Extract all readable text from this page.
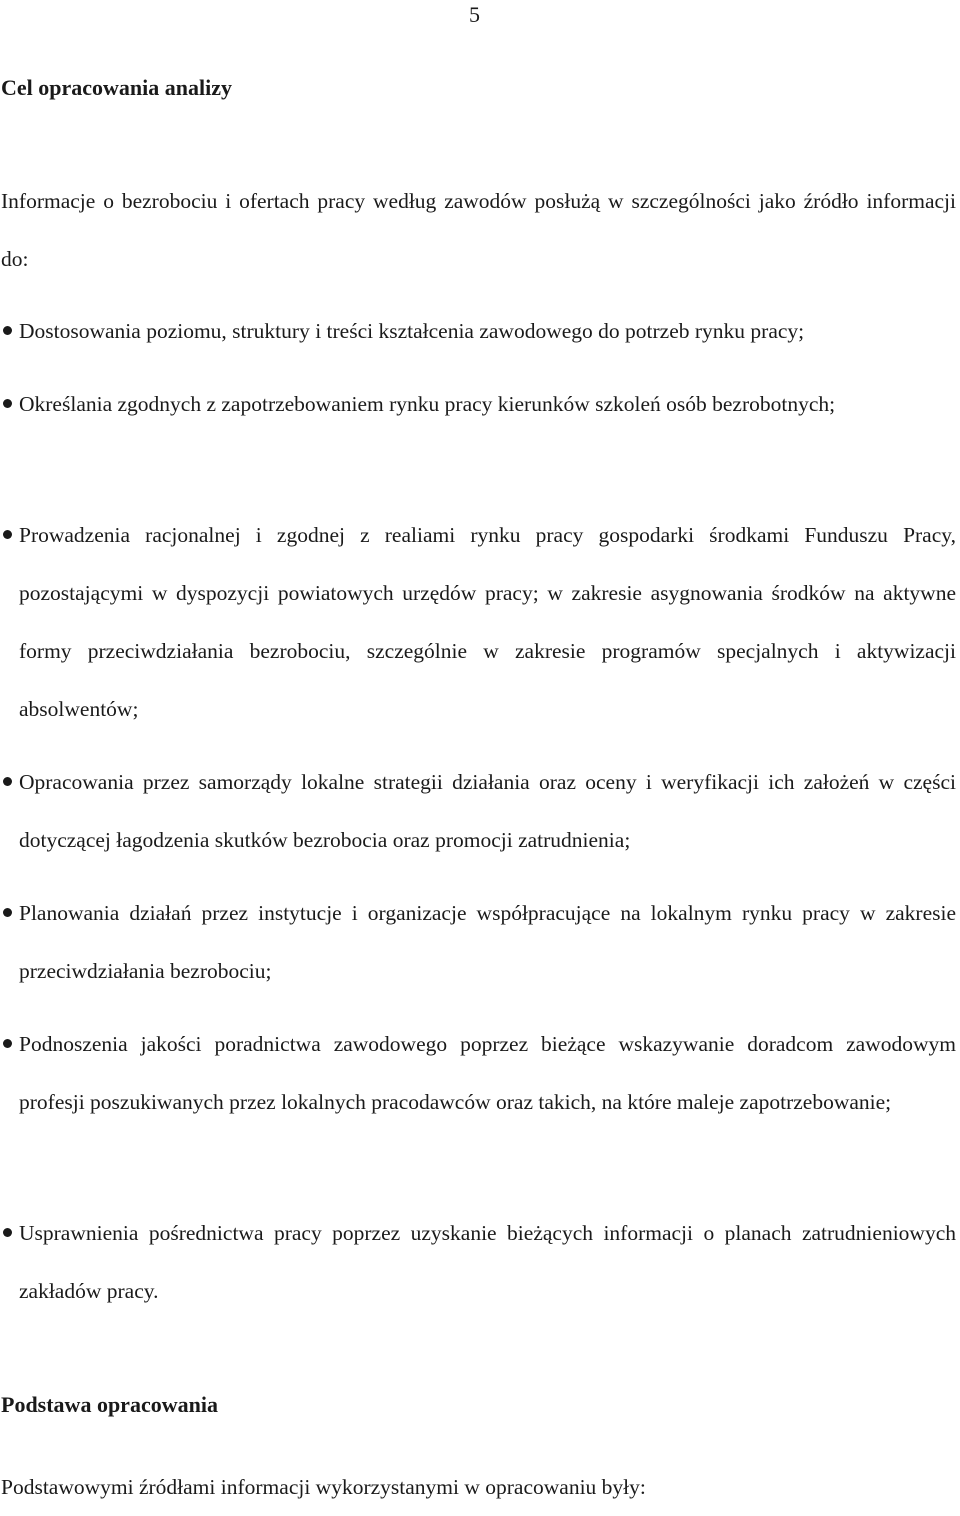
5
Cel opracowania analizy
Informacje o bezrobociu i ofertach pracy według zawodów posłużą w szczególności jako źródło informacji do:
Dostosowania poziomu, struktury i treści kształcenia zawodowego do potrzeb rynku pracy;
Określania zgodnych z zapotrzebowaniem rynku pracy kierunków szkoleń osób bezrobotnych;
Prowadzenia racjonalnej i zgodnej z realiami rynku pracy gospodarki środkami Funduszu Pracy, pozostającymi w dyspozycji powiatowych urzędów pracy; w zakresie asygnowania środków na aktywne formy przeciwdziałania bezrobociu, szczególnie w zakresie programów specjalnych i aktywizacji absolwentów;
Opracowania przez samorządy lokalne strategii działania oraz oceny i weryfikacji ich założeń w części dotyczącej łagodzenia skutków bezrobocia oraz promocji zatrudnienia;
Planowania działań przez instytucje i organizacje współpracujące na lokalnym rynku pracy w zakresie przeciwdziałania bezrobociu;
Podnoszenia jakości poradnictwa zawodowego poprzez bieżące wskazywanie doradcom zawodowym profesji poszukiwanych przez lokalnych pracodawców oraz takich, na które maleje zapotrzebowanie;
Usprawnienia pośrednictwa pracy poprzez uzyskanie bieżących informacji o planach zatrudnieniowych zakładów pracy.
Podstawa opracowania
Podstawowymi źródłami informacji wykorzystanymi w opracowaniu były:
